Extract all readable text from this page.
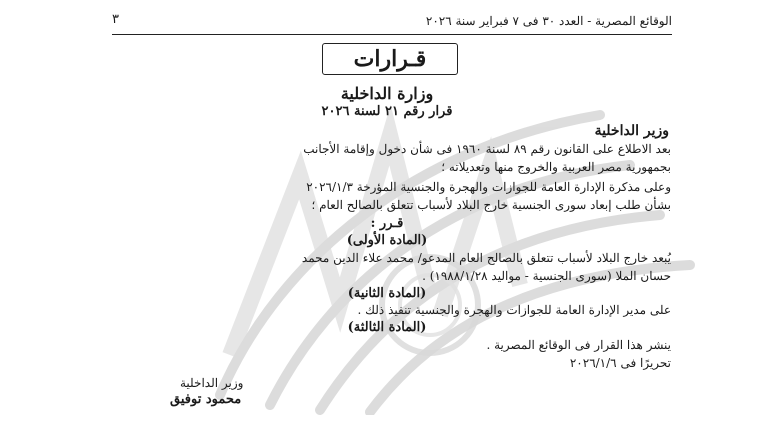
٣	الوقائع المصرية - العدد ٣٠ فى ٧ فبراير سنة ٢٠٢٦
قـرارات
وزارة الداخلية
قرار رقم ٢١ لسنة ٢٠٢٦
وزير الداخلية
بعد الاطلاع على القانون رقم ٨٩ لسنة ١٩٦٠ فى شأن دخول وإقامة الأجانب
بجمهورية مصر العربية والخروج منها وتعديلاته ؛
وعلى مذكرة الإدارة العامة للجوازات والهجرة والجنسية المؤرخة ٢٠٢٦/١/٣
بشأن طلب إبعاد سورى الجنسية خارج البلاد لأسباب تتعلق بالصالح العام ؛
قـرر :
(المادة الأولى)
يُبعد خارج البلاد لأسباب تتعلق بالصالح العام المدعو/ محمد علاء الدين محمد
حسان الملا (سورى الجنسية - مواليد ١٩٨٨/١/٢٨) .
(المادة الثانية)
على مدير الإدارة العامة للجوازات والهجرة والجنسية تنفيذ ذلك .
(المادة الثالثة)
ينشر هذا القرار فى الوقائع المصرية .
تحريرًا فى ٢٠٢٦/١/٦
وزير الداخلية
محمود توفيق
